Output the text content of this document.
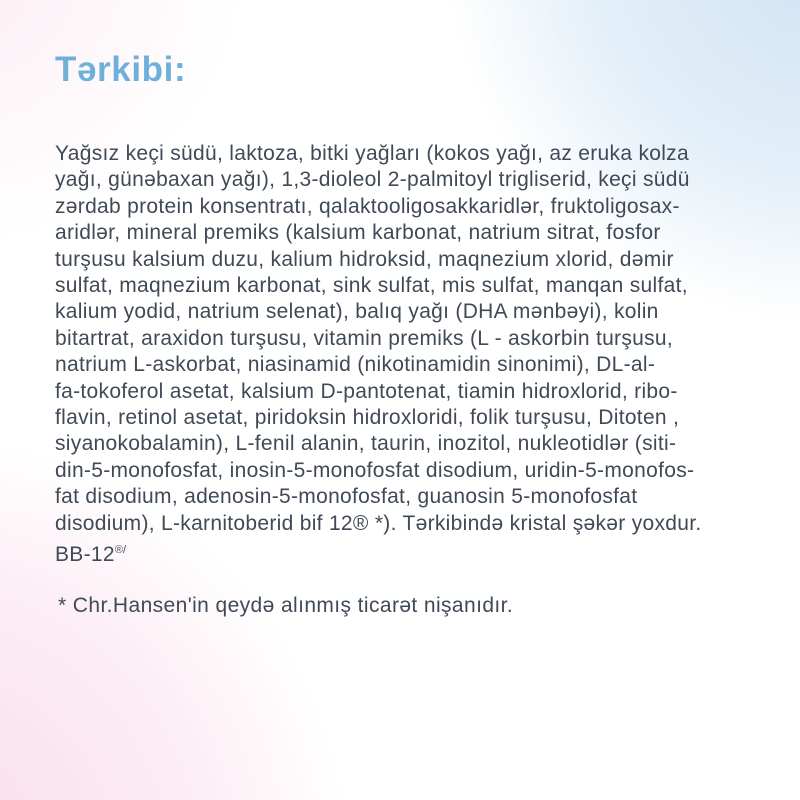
Tərkibi:
Yağsız keçi südü, laktoza, bitki yağları (kokos yağı, az eruka kolza
yağı, günəbaxan yağı), 1,3-dioleol 2-palmitoyl trigliserid, keçi südü
zərdab protein konsentratı, qalaktooligosakkaridlər, fruktoligosax-
aridlər, mineral premiks (kalsium karbonat, natrium sitrat, fosfor
turşusu kalsium duzu, kalium hidroksid, maqnezium xlorid, dəmir
sulfat, maqnezium karbonat, sink sulfat, mis sulfat, manqan sulfat,
kalium yodid, natrium selenat), balıq yağı (DHA mənbəyi), kolin
bitartrat, araxidon turşusu, vitamin premiks (L - askorbin turşusu,
natrium L-askorbat, niasinamid (nikotinamidin sinonimi), DL-al-
fa-tokoferol asetat, kalsium D-pantotenat, tiamin hidroxlorid, ribo-
flavin, retinol asetat, piridoksin hidroxloridi, folik turşusu, Ditoten ,
siyanokobalamin), L-fenil alanin, taurin, inozitol, nukleotidlər (siti-
din-5-monofosfat, inosin-5-monofosfat disodium, uridin-5-monofos-
fat disodium, adenosin-5-monofosfat, guanosin 5-monofosfat
disodium), L-karnitoberid bif 12® *). Tərkibində kristal şəkər yoxdur.
BB-12®/
* Chr.Hansen'in qeydə alınmış ticarət nişanıdır.
